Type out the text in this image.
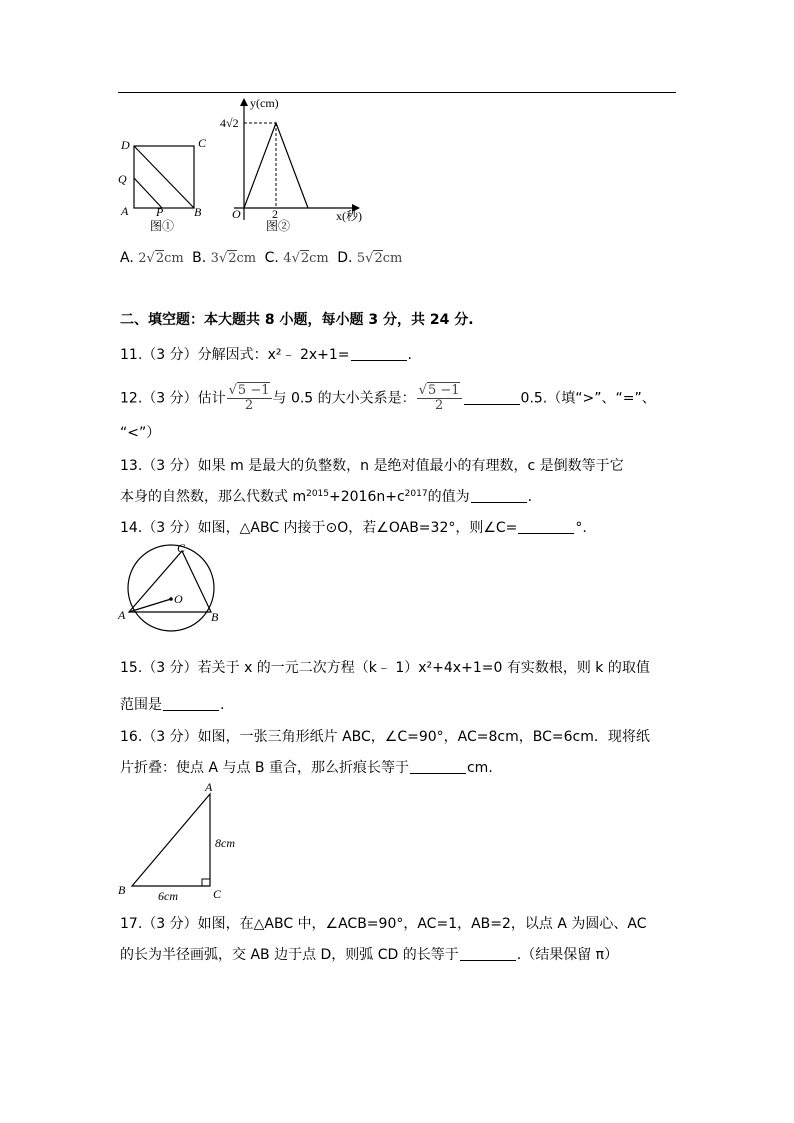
D	C
Q
A P	B
图①
y(cm)
4√2
O	2	x(秒)
图②
A. 2√2cm B. 3√2cm C. 4√2cm D. 5√2cm
二、填空题：本大题共 8 小题，每小题 3 分，共 24 分.
11.（3 分）分解因式：x²﹣ 2x+1=	.
12.（3 分）估计 $\frac{√5 -1}{2}$ 与 0.5 的大小关系是： $\frac{√5 -1}{2}$	0.5.（填“>”、“=”、
“<”）
13.（3 分）如果 m 是最大的负整数，n 是绝对值最小的有理数，c 是倒数等于它
本身的自然数，那么代数式 $m^{2015}+2016n+c^{2017}$的值为	.
14.（3 分）如图，△ABC 内接于⊙O，若∠OAB=32°，则∠C=	°.
C
O
A	B
15.（3 分）若关于 x 的一元二次方程（k﹣ 1）x²+4x+1=0 有实数根，则 k 的取值
范围是	.
16.（3 分）如图，一张三角形纸片 ABC，∠C=90°，AC=8cm，BC=6cm．现将纸
片折叠：使点 A 与点 B 重合，那么折痕长等于	cm.
A
B	C
8cm
6cm
17.（3 分）如图，在△ABC 中，∠ACB=90°，AC=1，AB=2，以点 A 为圆心、AC
的长为半径画弧，交 AB 边于点 D，则弧 CD 的长等于	.（结果保留 π）
